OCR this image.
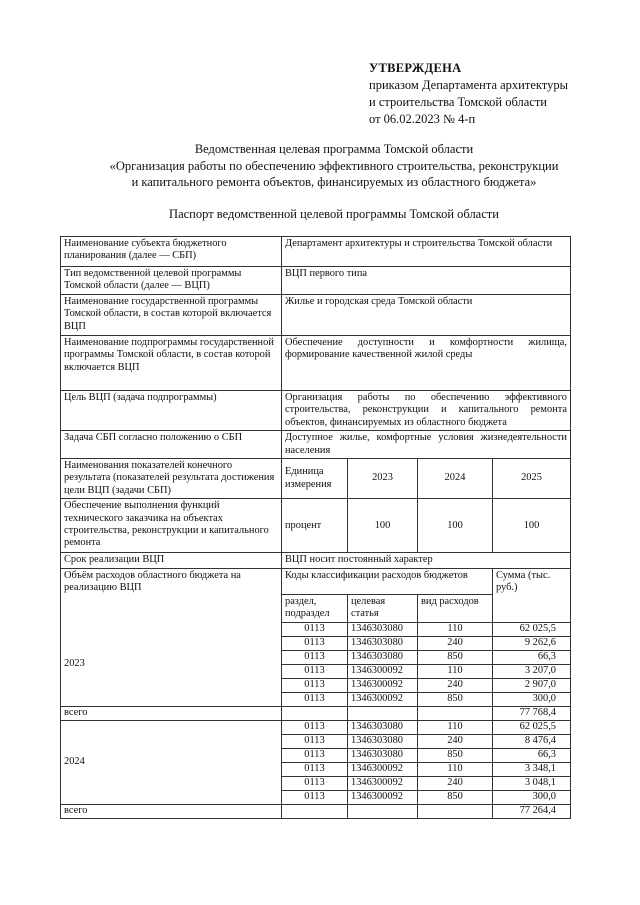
УТВЕРЖДЕНА
приказом Департамента архитектуры
и строительства Томской области
от 06.02.2023 № 4-п
Ведомственная целевая программа Томской области
«Организация работы по обеспечению эффективного строительства, реконструкции
и капитального ремонта объектов, финансируемых из областного бюджета»
Паспорт ведомственной целевой программы Томской области
Наименование субъекта бюджетного планирования (далее — СБП)	Департамент архитектуры и строительства Томской области			
Тип ведомственной целевой программы Томской области (далее — ВЦП)	ВЦП первого типа			
Наименование государственной программы Томской области, в состав которой включается ВЦП	Жилье и городская среда Томской области			
Наименование подпрограммы государственной программы Томской области, в состав которой включается ВЦП	Обеспечение доступности и комфортности жилища, формирование качественной жилой среды			
Цель ВЦП (задача подпрограммы)	Организация работы по обеспечению эффективного строительства, реконструкции и капитального ремонта объектов, финансируемых из областного бюджета			
Задача СБП согласно положению о СБП	Доступное жилье, комфортные условия жизнедеятельности населения			
Наименования показателей конечного результата (показателей результата достижения цели ВЦП (задачи СБП)	Единица измерения	2023	2024	2025
Обеспечение выполнения функций технического заказчика на объектах строительства, реконструкции и капитального ремонта	процент	100	100	100
Срок реализации ВЦП	ВЦП носит постоянный характер			
Объём расходов областного бюджета на реализацию ВЦП	Коды классификации расходов бюджетов			Сумма (тыс. руб.)
	раздел, подраздел	целевая статья	вид расходов	
2023	0113	1346303080	110	62 025,5
	0113	1346303080	240	9 262,6
	0113	1346303080	850	66,3
	0113	1346300092	110	3 207,0
	0113	1346300092	240	2 907,0
	0113	1346300092	850	300,0
всего				77 768,4
2024	0113	1346303080	110	62 025,5
	0113	1346303080	240	8 476,4
	0113	1346303080	850	66,3
	0113	1346300092	110	3 348,1
	0113	1346300092	240	3 048,1
	0113	1346300092	850	300,0
всего				77 264,4
